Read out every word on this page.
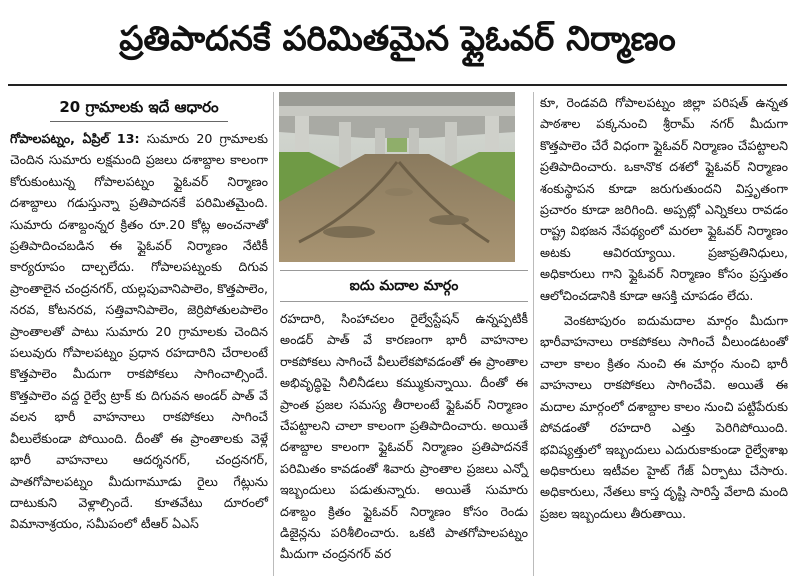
ప్రతిపాదనకే పరిమితమైన ఫ్లైఓవర్ నిర్మాణం
20 గ్రామాలకు ఇదే ఆధారం

గోపాలపట్నం, ఏప్రిల్ 13: సుమారు 20 గ్రామాలకు చెందిన సుమారు లక్షమంది ప్రజలు దశాబ్దాల కాలంగా కోరుకుంటున్న గోపాలపట్నం ఫ్లైఓవర్ నిర్మాణం దశాబ్దాలు గడుస్తున్నా ప్రతిపాదనకే పరిమితమైంది. సుమారు దశాబ్దంన్నర క్రితం రూ.20 కోట్ల అంచనాతో ప్రతిపాదించబడిన ఈ ఫ్లైఓవర్ నిర్మాణం నేటికీ కార్యరూపం దాల్చలేదు. గోపాలపట్నంకు దిగువ ప్రాంతాలైన చంద్రనగర్, యల్లపువానిపాలెం, కొత్తపాలెం, నరవ, కోటనరవ, సత్తివానిపాలెం, జెర్రిపోతులపాలెం ప్రాంతాలతో పాటు సుమారు 20 గ్రామాలకు చెందిన పలువురు గోపాలపట్నం ప్రధాన రహదారిని చేరాలంటే కొత్తపాలెం మీదుగా రాకపోకలు సాగించాల్సిందే. కొత్తపాలెం వద్ద రైల్వే ట్రాక్ కు దిగువన అండర్ పాత్ వే వలన భారీ వాహనాలు రాకపోకలు సాగించే వీలులేకుండా పోయింది. దీంతో ఈ ప్రాంతాలకు వెళ్లే భారీ వాహనాలు ఆదర్శనగర్, చంద్రనగర్, పాతగోపాలపట్నం మీదుగామూడు రైలు గేట్లును దాటుకుని వెళ్లాల్సిందే. కూతవేటు దూరంలో విమానాశ్రయం, సమీపంలో టీఆర్ ఏఎస్

ఐదు మదాల మార్గం

రహదారి, సింహాచలం రైల్వేస్టేషన్ ఉన్నప్పటికీ అండర్ పాత్ వే కారణంగా భారీ వాహనాల రాకపోకలు సాగించే వీలులేకపోవడంతో ఈ ప్రాంతాల అభివృద్ధిపై నీలినీడలు కమ్ముకున్నాయి. దీంతో ఈ ప్రాంత ప్రజల సమస్య తీరాలంటే ఫ్లైఓవర్ నిర్మాణం చేపట్టాలని చాలా కాలంగా ప్రతిపాదించారు. అయితే దశాబ్దాల కాలంగా ఫ్లైఓవర్ నిర్మాణం ప్రతిపాదనకే పరిమితం కావడంతో శివారు ప్రాంతాల ప్రజలు ఎన్నో ఇబ్బందులు పడుతున్నారు. అయితే సుమారు దశాబ్దం క్రితం ఫ్లైఓవర్ నిర్మాణం కోసం రెండు డిజైన్లను పరిశీలించారు. ఒకటి పాతగోపాలపట్నం మీదుగా చంద్రనగర్ వర

కూ, రెండవది గోపాలపట్నం జిల్లా పరిషత్ ఉన్నత పాఠశాల పక్కనుంచి శ్రీరామ్ నగర్ మీదుగా కొత్తపాలెం చేరే విధంగా ఫ్లైఓవర్ నిర్మాణం చేపట్టాలని ప్రతిపాదించారు. ఒకానొక దశలో ఫ్లైఓవర్ నిర్మాణం శంకుస్థాపన కూడా జరుగుతుందని విస్తృతంగా ప్రచారం కూడా జరిగింది. అప్పట్లో ఎన్నికలు రావడం రాష్ట్ర విభజన నేపథ్యంలో మరలా ఫ్లైఓవర్ నిర్మాణం అటకు ఆవిరయ్యాయి. ప్రజాప్రతినిధులు, అధికారులు గాని ఫ్లైఓవర్ నిర్మాణం కోసం ప్రస్తుతం ఆలోచించడానికి కూడా ఆసక్తి చూపడం లేదు.

వెంకటాపురం ఐదుమదాల మార్గం మీదుగా భారీవాహనాలు రాకపోకలు సాగించే వీలుండటంతో చాలా కాలం క్రితం నుంచి ఈ మార్గం నుంచి భారీ వాహనాలు రాకపోకలు సాగించేవి. అయితే ఈ మదాల మార్గంలో దశాబ్దాల కాలం నుంచి పట్టిపేరుకు పోవడంతో రహదారి ఎత్తు పెరిగిపోయింది. భవిష్యత్తులో ఇబ్బందులు ఎదురుకాకుండా రైల్వేశాఖ అధికారులు ఇటీవల హైట్ గేజ్ ఏర్పాటు చేసారు. అధికారులు, నేతలు కాస్త దృష్టి సారిస్తే వేలాది మంది ప్రజల ఇబ్బందులు తీరుతాయి.
